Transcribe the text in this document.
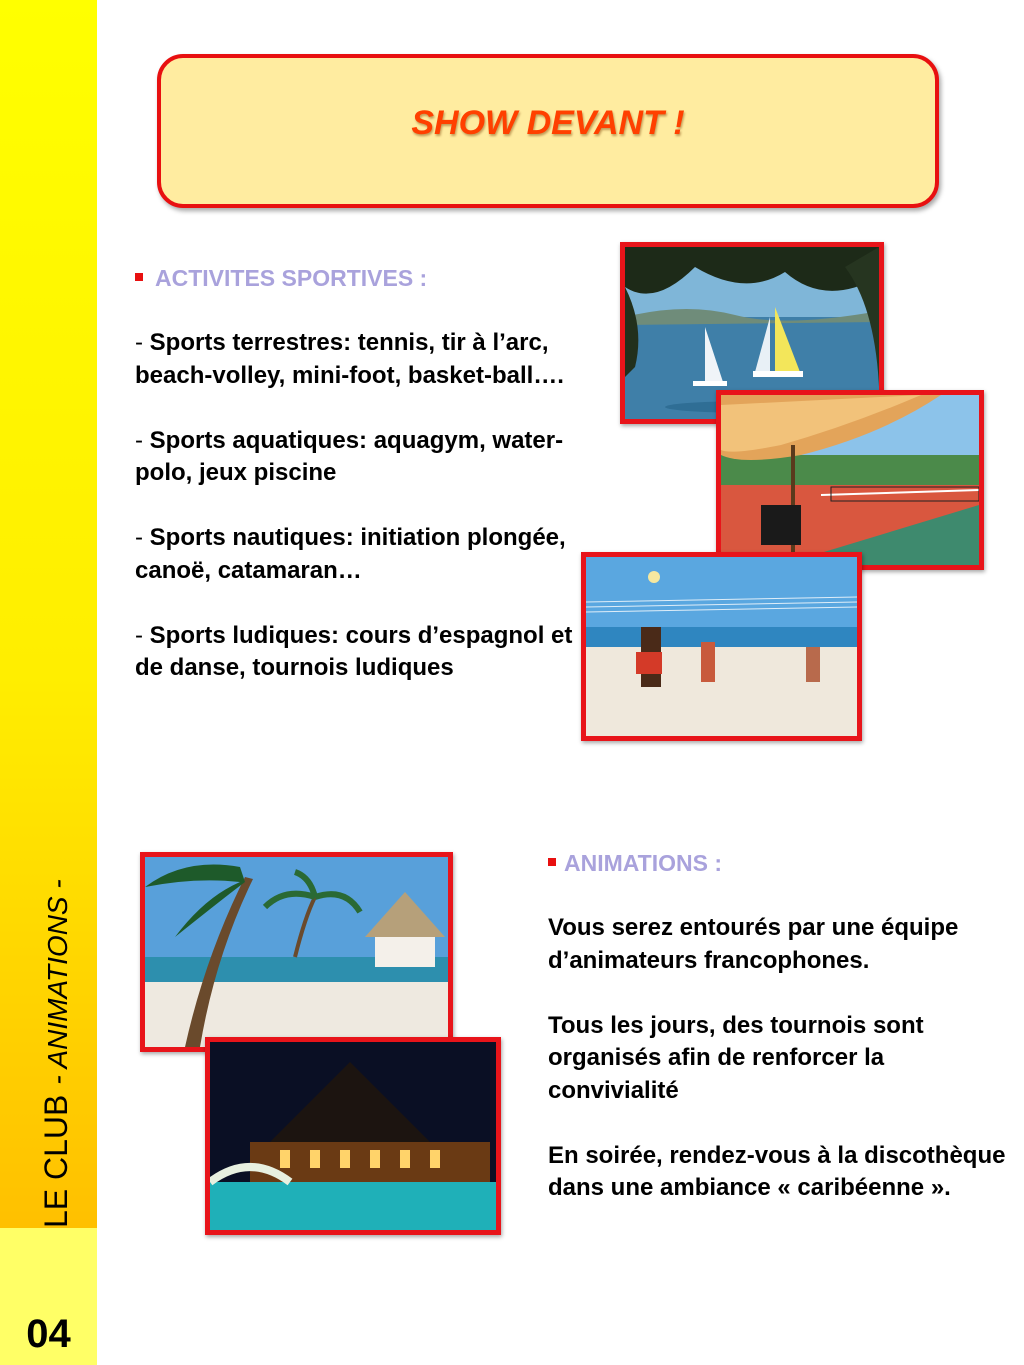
LE CLUB- ANIMATIONS -
04
SHOW DEVANT !
ACTIVITES SPORTIVES :
- Sports terrestres: tennis, tir à l’arc, beach-volley, mini-foot, basket-ball….
- Sports aquatiques: aquagym, water-polo, jeux piscine
- Sports nautiques: initiation plongée, canoë, catamaran…
- Sports ludiques: cours d’espagnol et de danse, tournois ludiques
ANIMATIONS :
Vous serez entourés par une équipe d’animateurs francophones.
Tous les jours, des tournois sont organisés afin de renforcer la convivialité
En soirée, rendez-vous à la discothèque dans une ambiance « caribéenne ».
